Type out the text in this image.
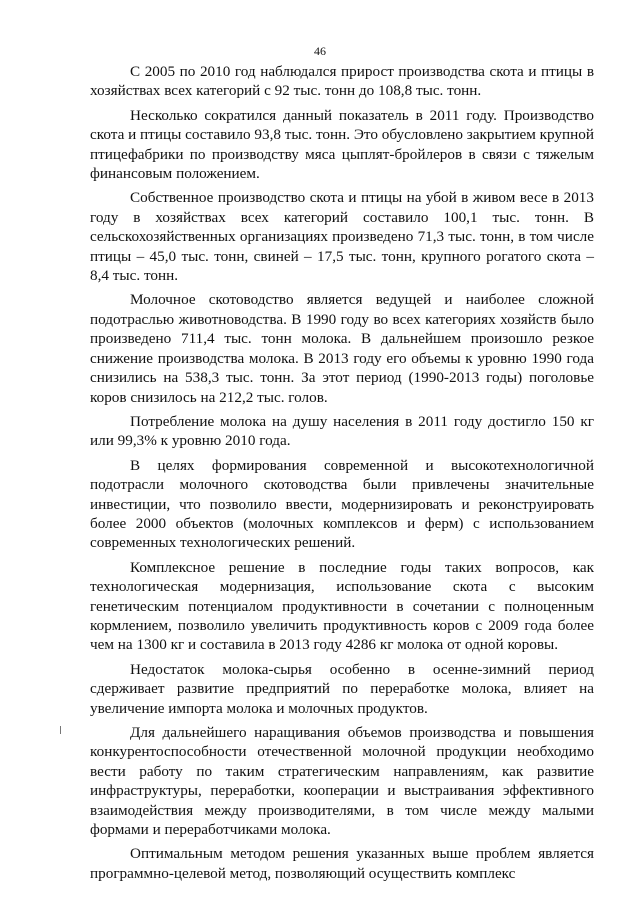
46

С 2005 по 2010 год наблюдался прирост производства скота и птицы в хозяйствах всех категорий с 92 тыс. тонн до 108,8 тыс. тонн.

Несколько сократился данный показатель в 2011 году. Производство скота и птицы составило 93,8 тыс. тонн. Это обусловлено закрытием крупной птицефабрики по производству мяса цыплят-бройлеров в связи с тяжелым финансовым положением.

Собственное производство скота и птицы на убой в живом весе в 2013 году в хозяйствах всех категорий составило 100,1 тыс. тонн. В сельскохозяйственных организациях произведено 71,3 тыс. тонн, в том числе птицы – 45,0 тыс. тонн, свиней – 17,5 тыс. тонн, крупного рогатого скота – 8,4 тыс. тонн.

Молочное скотоводство является ведущей и наиболее сложной подотраслью животноводства. В 1990 году во всех категориях хозяйств было произведено 711,4 тыс. тонн молока. В дальнейшем произошло резкое снижение производства молока. В 2013 году его объемы к уровню 1990 года снизились на 538,3 тыс. тонн. За этот период (1990-2013 годы) поголовье коров снизилось на 212,2 тыс. голов.

Потребление молока на душу населения в 2011 году достигло 150 кг или 99,3% к уровню 2010 года.

В целях формирования современной и высокотехнологичной подотрасли молочного скотоводства были привлечены значительные инвестиции, что позволило ввести, модернизировать и реконструировать более 2000 объектов (молочных комплексов и ферм) с использованием современных технологических решений.

Комплексное решение в последние годы таких вопросов, как технологическая модернизация, использование скота с высоким генетическим потенциалом продуктивности в сочетании с полноценным кормлением, позволило увеличить продуктивность коров с 2009 года более чем на 1300 кг и составила в 2013 году 4286 кг молока от одной коровы.

Недостаток молока-сырья особенно в осенне-зимний период сдерживает развитие предприятий по переработке молока, влияет на увеличение импорта молока и молочных продуктов.

Для дальнейшего наращивания объемов производства и повышения конкурентоспособности отечественной молочной продукции необходимо вести работу по таким стратегическим направлениям, как развитие инфраструктуры, переработки, кооперации и выстраивания эффективного взаимодействия между производителями, в том числе между малыми формами и переработчиками молока.

Оптимальным методом решения указанных выше проблем является программно-целевой метод, позволяющий осуществить комплекс
